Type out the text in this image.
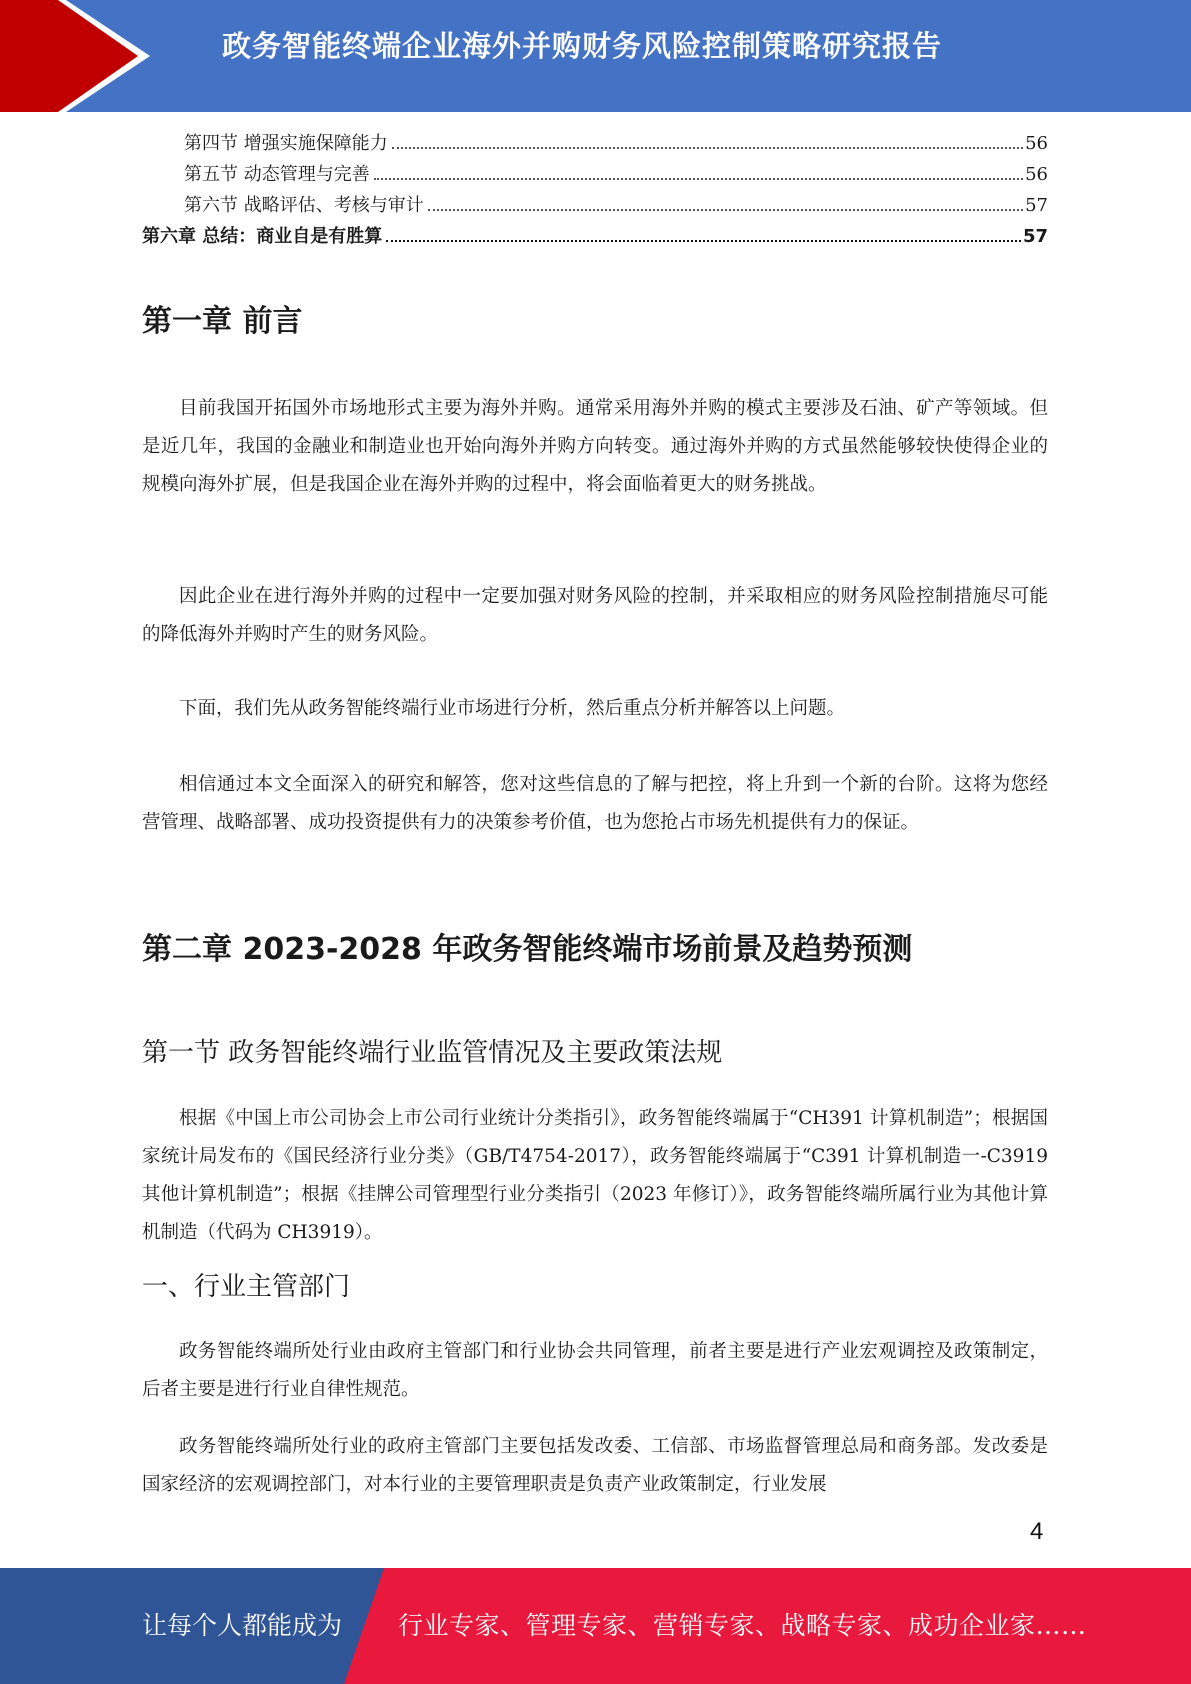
政务智能终端企业海外并购财务风险控制策略研究报告
第四节 增强实施保障能力	56
第五节 动态管理与完善	56
第六节 战略评估、考核与审计	57
第六章 总结：商业自是有胜算	57
第一章 前言

目前我国开拓国外市场地形式主要为海外并购。通常采用海外并购的模式主要涉及石油、矿产等领域。但是近几年，我国的金融业和制造业也开始向海外并购方向转变。通过海外并购的方式虽然能够较快使得企业的规模向海外扩展，但是我国企业在海外并购的过程中，将会面临着更大的财务挑战。

因此企业在进行海外并购的过程中一定要加强对财务风险的控制，并采取相应的财务风险控制措施尽可能的降低海外并购时产生的财务风险。

下面，我们先从政务智能终端行业市场进行分析，然后重点分析并解答以上问题。

相信通过本文全面深入的研究和解答，您对这些信息的了解与把控，将上升到一个新的台阶。这将为您经营管理、战略部署、成功投资提供有力的决策参考价值，也为您抢占市场先机提供有力的保证。

第二章 2023-2028 年政务智能终端市场前景及趋势预测
第一节 政务智能终端行业监管情况及主要政策法规

根据《中国上市公司协会上市公司行业统计分类指引》，政务智能终端属于“CH391 计算机制造”；根据国家统计局发布的《国民经济行业分类》（GB/T4754-2017），政务智能终端属于“C391 计算机制造一-C3919 其他计算机制造”；根据《挂牌公司管理型行业分类指引（2023 年修订）》，政务智能终端所属行业为其他计算机制造（代码为 CH3919）。

一、行业主管部门

政务智能终端所处行业由政府主管部门和行业协会共同管理，前者主要是进行产业宏观调控及政策制定，后者主要是进行行业自律性规范。

政务智能终端所处行业的政府主管部门主要包括发改委、工信部、市场监督管理总局和商务部。发改委是国家经济的宏观调控部门，对本行业的主要管理职责是负责产业政策制定，行业发展

4
让每个人都能成为 行业专家、管理专家、营销专家、战略专家、成功企业家……
